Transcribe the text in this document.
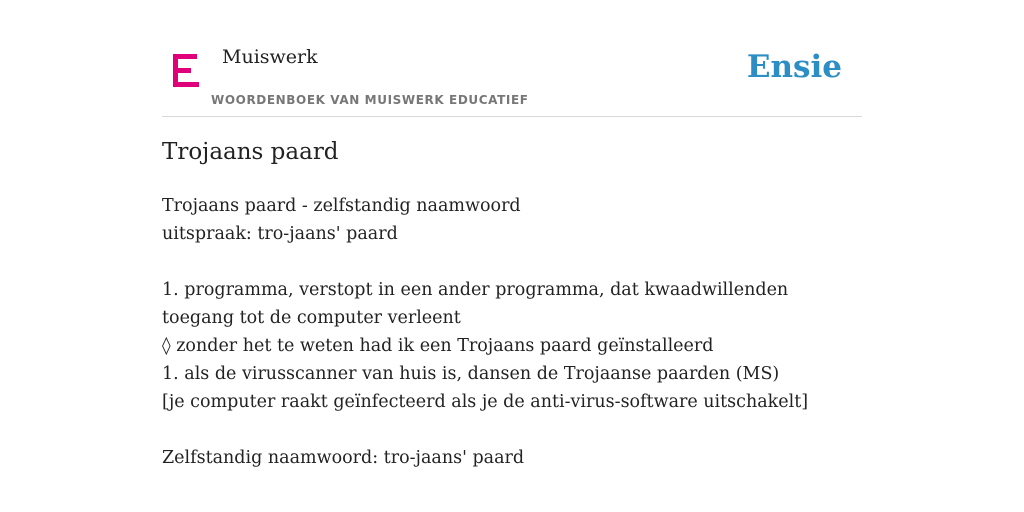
Muiswerk
WOORDENBOEK VAN MUISWERK EDUCATIEF
Ensie
Trojaans paard
Trojaans paard - zelfstandig naamwoord
uitspraak: tro-jaans' paard
1. programma, verstopt in een ander programma, dat kwaadwillenden toegang tot de computer verleent
◊ zonder het te weten had ik een Trojaans paard geïnstalleerd
1. als de virusscanner van huis is, dansen de Trojaanse paarden (MS)
[je computer raakt geïnfecteerd als je de anti-virus-software uitschakelt]
Zelfstandig naamwoord: tro-jaans' paard
